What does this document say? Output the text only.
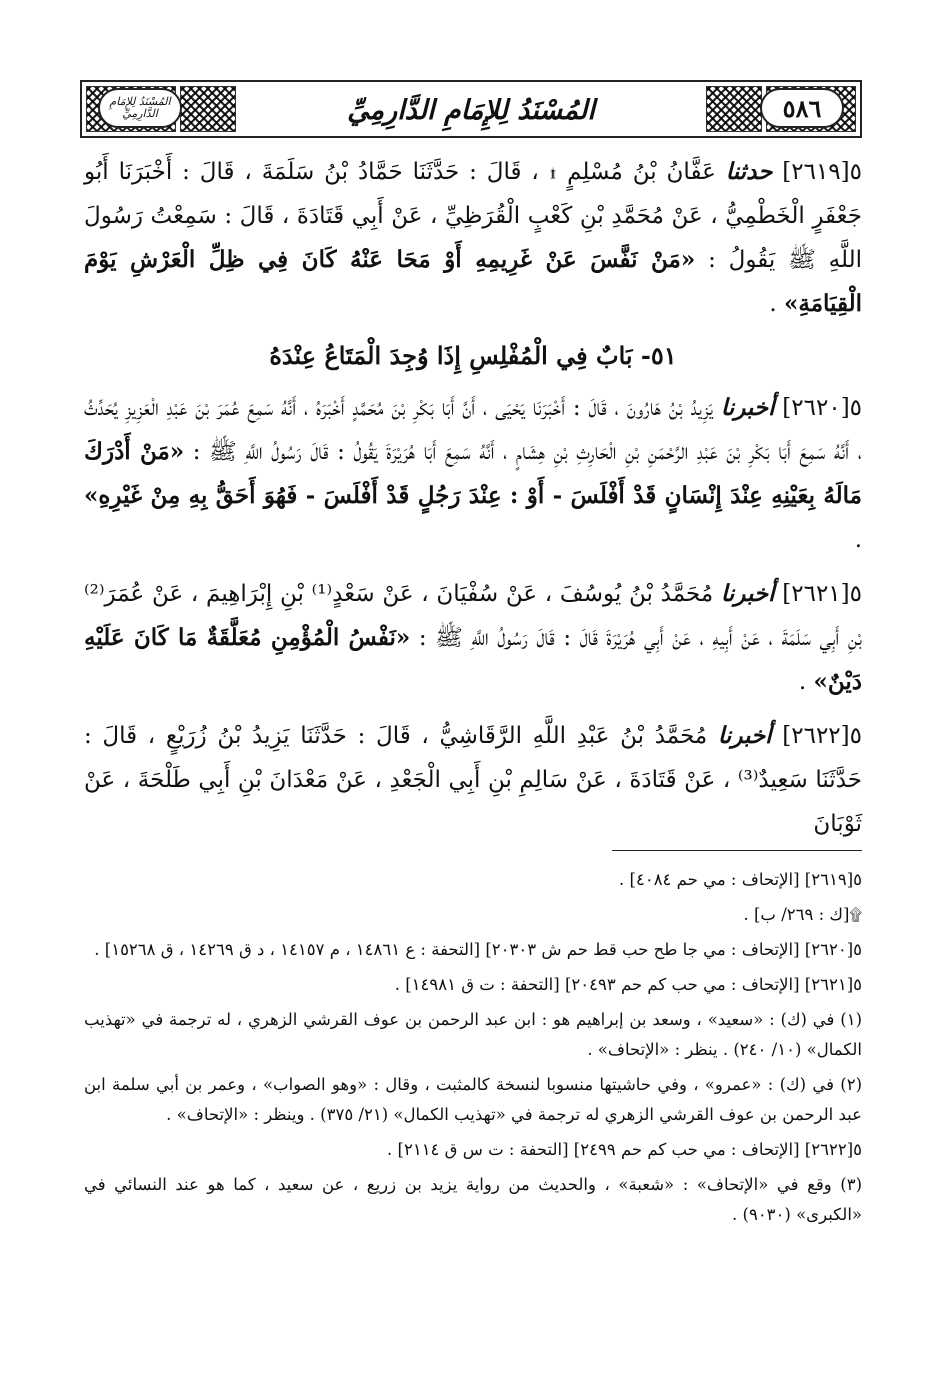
٥٨٦
المُسْنَدُ لِلإِمَامِ الدَّارِمِيِّ	المُسْنَدُ لِلإِمَامِ الدَّارِمِيِّ

٥[٢٦١٩] حدثنا عَفَّانُ بْنُ مُسْلِمٍ ۩ ، قَالَ : حَدَّثَنَا حَمَّادُ بْنُ سَلَمَةَ ، قَالَ : أَخْبَرَنَا أَبُو جَعْفَرٍ الْخَطْمِيُّ ، عَنْ مُحَمَّدِ بْنِ كَعْبٍ الْقُرَظِيِّ ، عَنْ أَبِي قَتَادَةَ ، قَالَ : سَمِعْتُ رَسُولَ اللَّهِ ﷺ يَقُولُ : «مَنْ نَفَّسَ عَنْ غَرِيمِهِ أَوْ مَحَا عَنْهُ كَانَ فِي ظِلِّ الْعَرْشِ يَوْمَ الْقِيَامَةِ» .

٥١- بَابٌ فِي الْمُفْلِسِ إِذَا وُجِدَ الْمَتَاعُ عِنْدَهُ

٥[٢٦٢٠] أخبرنا يَزِيدُ بْنُ هَارُونَ ، قَالَ : أَخْبَرَنَا يَحْيَى ، أَنَّ أَبَا بَكْرِ بْنَ مُحَمَّدٍ أَخْبَرَهُ ، أَنَّهُ سَمِعَ عُمَرَ بْنَ عَبْدِ الْعَزِيزِ يُحَدِّثُ ، أَنَّهُ سَمِعَ أَبَا بَكْرِ بْنَ عَبْدِ الرَّحْمَنِ بْنِ الْحَارِثِ بْنِ هِشَامٍ ، أَنَّهُ سَمِعَ أَبَا هُرَيْرَةَ يَقُولُ : قَالَ رَسُولُ اللَّهِ ﷺ : «مَنْ أَدْرَكَ مَالَهُ بِعَيْنِهِ عِنْدَ إِنْسَانٍ قَدْ أَفْلَسَ - أَوْ : عِنْدَ رَجُلٍ قَدْ أَفْلَسَ - فَهُوَ أَحَقُّ بِهِ مِنْ غَيْرِهِ» .

٥[٢٦٢١] أخبرنا مُحَمَّدُ بْنُ يُوسُفَ ، عَنْ سُفْيَانَ ، عَنْ سَعْدٍ⁽¹⁾ بْنِ إِبْرَاهِيمَ ، عَنْ عُمَرَ⁽²⁾ بْنِ أَبِي سَلَمَةَ ، عَنْ أَبِيهِ ، عَنْ أَبِي هُرَيْرَةَ قَالَ : قَالَ رَسُولُ اللَّهِ ﷺ : «نَفْسُ الْمُؤْمِنِ مُعَلَّقَةٌ مَا كَانَ عَلَيْهِ دَيْنٌ» .

٥[٢٦٢٢] أخبرنا مُحَمَّدُ بْنُ عَبْدِ اللَّهِ الرَّقَاشِيُّ ، قَالَ : حَدَّثَنَا يَزِيدُ بْنُ زُرَيْعٍ ، قَالَ : حَدَّثَنَا سَعِيدٌ⁽³⁾ ، عَنْ قَتَادَةَ ، عَنْ سَالِمِ بْنِ أَبِي الْجَعْدِ ، عَنْ مَعْدَانَ بْنِ أَبِي طَلْحَةَ ، عَنْ ثَوْبَانَ

٥[٢٦١٩] [الإتحاف : مي حم ٤٠٨٤] .

۩[ك : ٢٦٩/ ب] .

٥[٢٦٢٠] [الإتحاف : مي جا طح حب قط حم ش ٢٠٣٠٣] [التحفة : ع ١٤٨٦١ ، م ١٤١٥٧ ، د ق ١٤٢٦٩ ، ق ١٥٢٦٨] .

٥[٢٦٢١] [الإتحاف : مي حب كم حم ٢٠٤٩٣] [التحفة : ت ق ١٤٩٨١] .

(١) في (ك) : «سعيد» ، وسعد بن إبراهيم هو : ابن عبد الرحمن بن عوف القرشي الزهري ، له ترجمة في «تهذيب الكمال» (١٠/ ٢٤٠) . ينظر : «الإتحاف» .

(٢) في (ك) : «عمرو» ، وفي حاشيتها منسوبا لنسخة كالمثبت ، وقال : «وهو الصواب» ، وعمر بن أبي سلمة ابن عبد الرحمن بن عوف القرشي الزهري له ترجمة في «تهذيب الكمال» (٢١/ ٣٧٥) . وينظر : «الإتحاف» .

٥[٢٦٢٢] [الإتحاف : مي حب كم حم ٢٤٩٩] [التحفة : ت س ق ٢١١٤] .

(٣) وقع في «الإتحاف» : «شعبة» ، والحديث من رواية يزيد بن زريع ، عن سعيد ، كما هو عند النسائي في «الكبرى» (٩٠٣٠) .
